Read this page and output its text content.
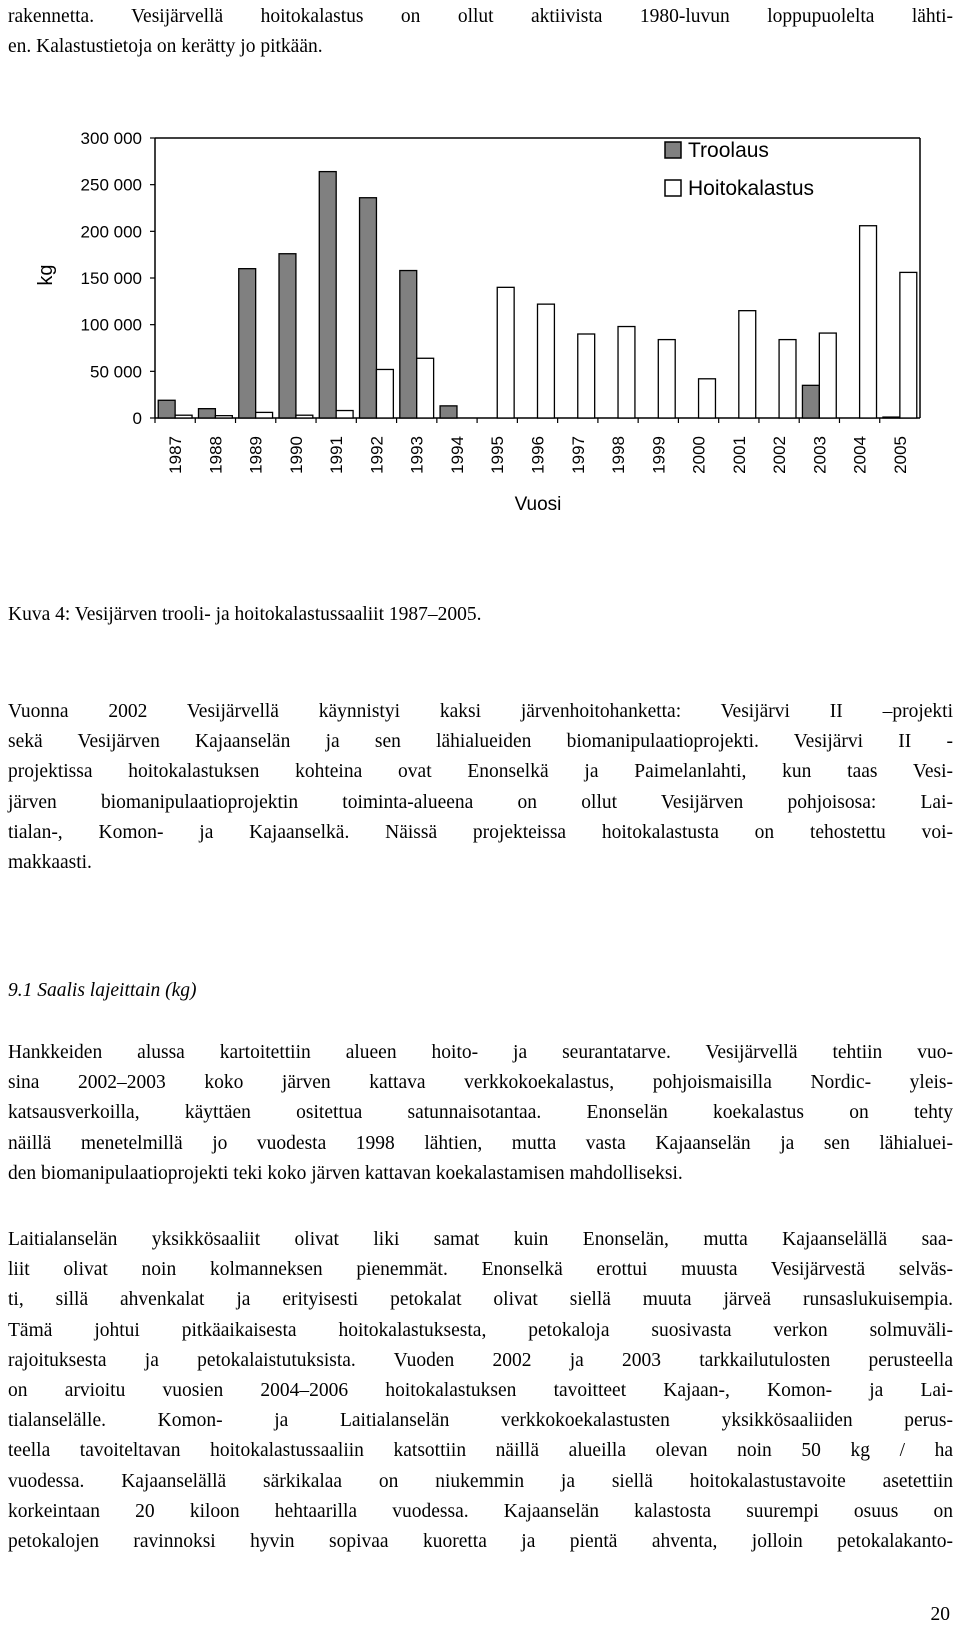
rakennetta. Vesijärvellä hoitokalastus on ollut aktiivista 1980-luvun loppupuolelta lähti-
en. Kalastustietoja on kerätty jo pitkään.
300 000
250 000
200 000
150 000
100 000
50 000
0
1987 1988 1989 1990 1991 1992 1993 1994 1995 1996 1997 1998 1999 2000 2001 2002 2003 2004 2005
kg
Vuosi
Troolaus
Hoitokalastus

Kuva 4: Vesijärven trooli- ja hoitokalastussaaliit 1987–2005.

Vuonna 2002 Vesijärvellä käynnistyi kaksi järvenhoitohanketta: Vesijärvi II –projekti
sekä Vesijärven Kajaanselän ja sen lähialueiden biomanipulaatioprojekti. Vesijärvi II -
projektissa hoitokalastuksen kohteina ovat Enonselkä ja Paimelanlahti, kun taas Vesi-
järven biomanipulaatioprojektin toiminta-alueena on ollut Vesijärven pohjoisosa: Lai-
tialan-, Komon- ja Kajaanselkä. Näissä projekteissa hoitokalastusta on tehostettu voi-
makkaasti.

9.1 Saalis lajeittain (kg)

Hankkeiden alussa kartoitettiin alueen hoito- ja seurantatarve. Vesijärvellä tehtiin vuo-
sina 2002–2003 koko järven kattava verkkokoekalastus, pohjoismaisilla Nordic- yleis-
katsausverkoilla, käyttäen ositettua satunnaisotantaa. Enonselän koekalastus on tehty
näillä menetelmillä jo vuodesta 1998 lähtien, mutta vasta Kajaanselän ja sen lähialuei-
den biomanipulaatioprojekti teki koko järven kattavan koekalastamisen mahdolliseksi.
Laitialanselän yksikkösaaliit olivat liki samat kuin Enonselän, mutta Kajaanselällä saa-
liit olivat noin kolmanneksen pienemmät. Enonselkä erottui muusta Vesijärvestä selväs-
ti, sillä ahvenkalat ja erityisesti petokalat olivat siellä muuta järveä runsaslukuisempia.
Tämä johtui pitkäaikaisesta hoitokalastuksesta, petokaloja suosivasta verkon solmuväli-
rajoituksesta ja petokalaistutuksista. Vuoden 2002 ja 2003 tarkkailutulosten perusteella
on arvioitu vuosien 2004–2006 hoitokalastuksen tavoitteet Kajaan-, Komon- ja Lai-
tialanselälle. Komon- ja Laitialanselän verkkokoekalastusten yksikkösaaliiden perus-
teella tavoiteltavan hoitokalastussaaliin katsottiin näillä alueilla olevan noin 50 kg / ha
vuodessa. Kajaanselällä särkikalaa on niukemmin ja siellä hoitokalastustavoite asetettiin
korkeintaan 20 kiloon hehtaarilla vuodessa. Kajaanselän kalastosta suurempi osuus on
petokalojen ravinnoksi hyvin sopivaa kuoretta ja pientä ahventa, jolloin petokalakanto-
20
